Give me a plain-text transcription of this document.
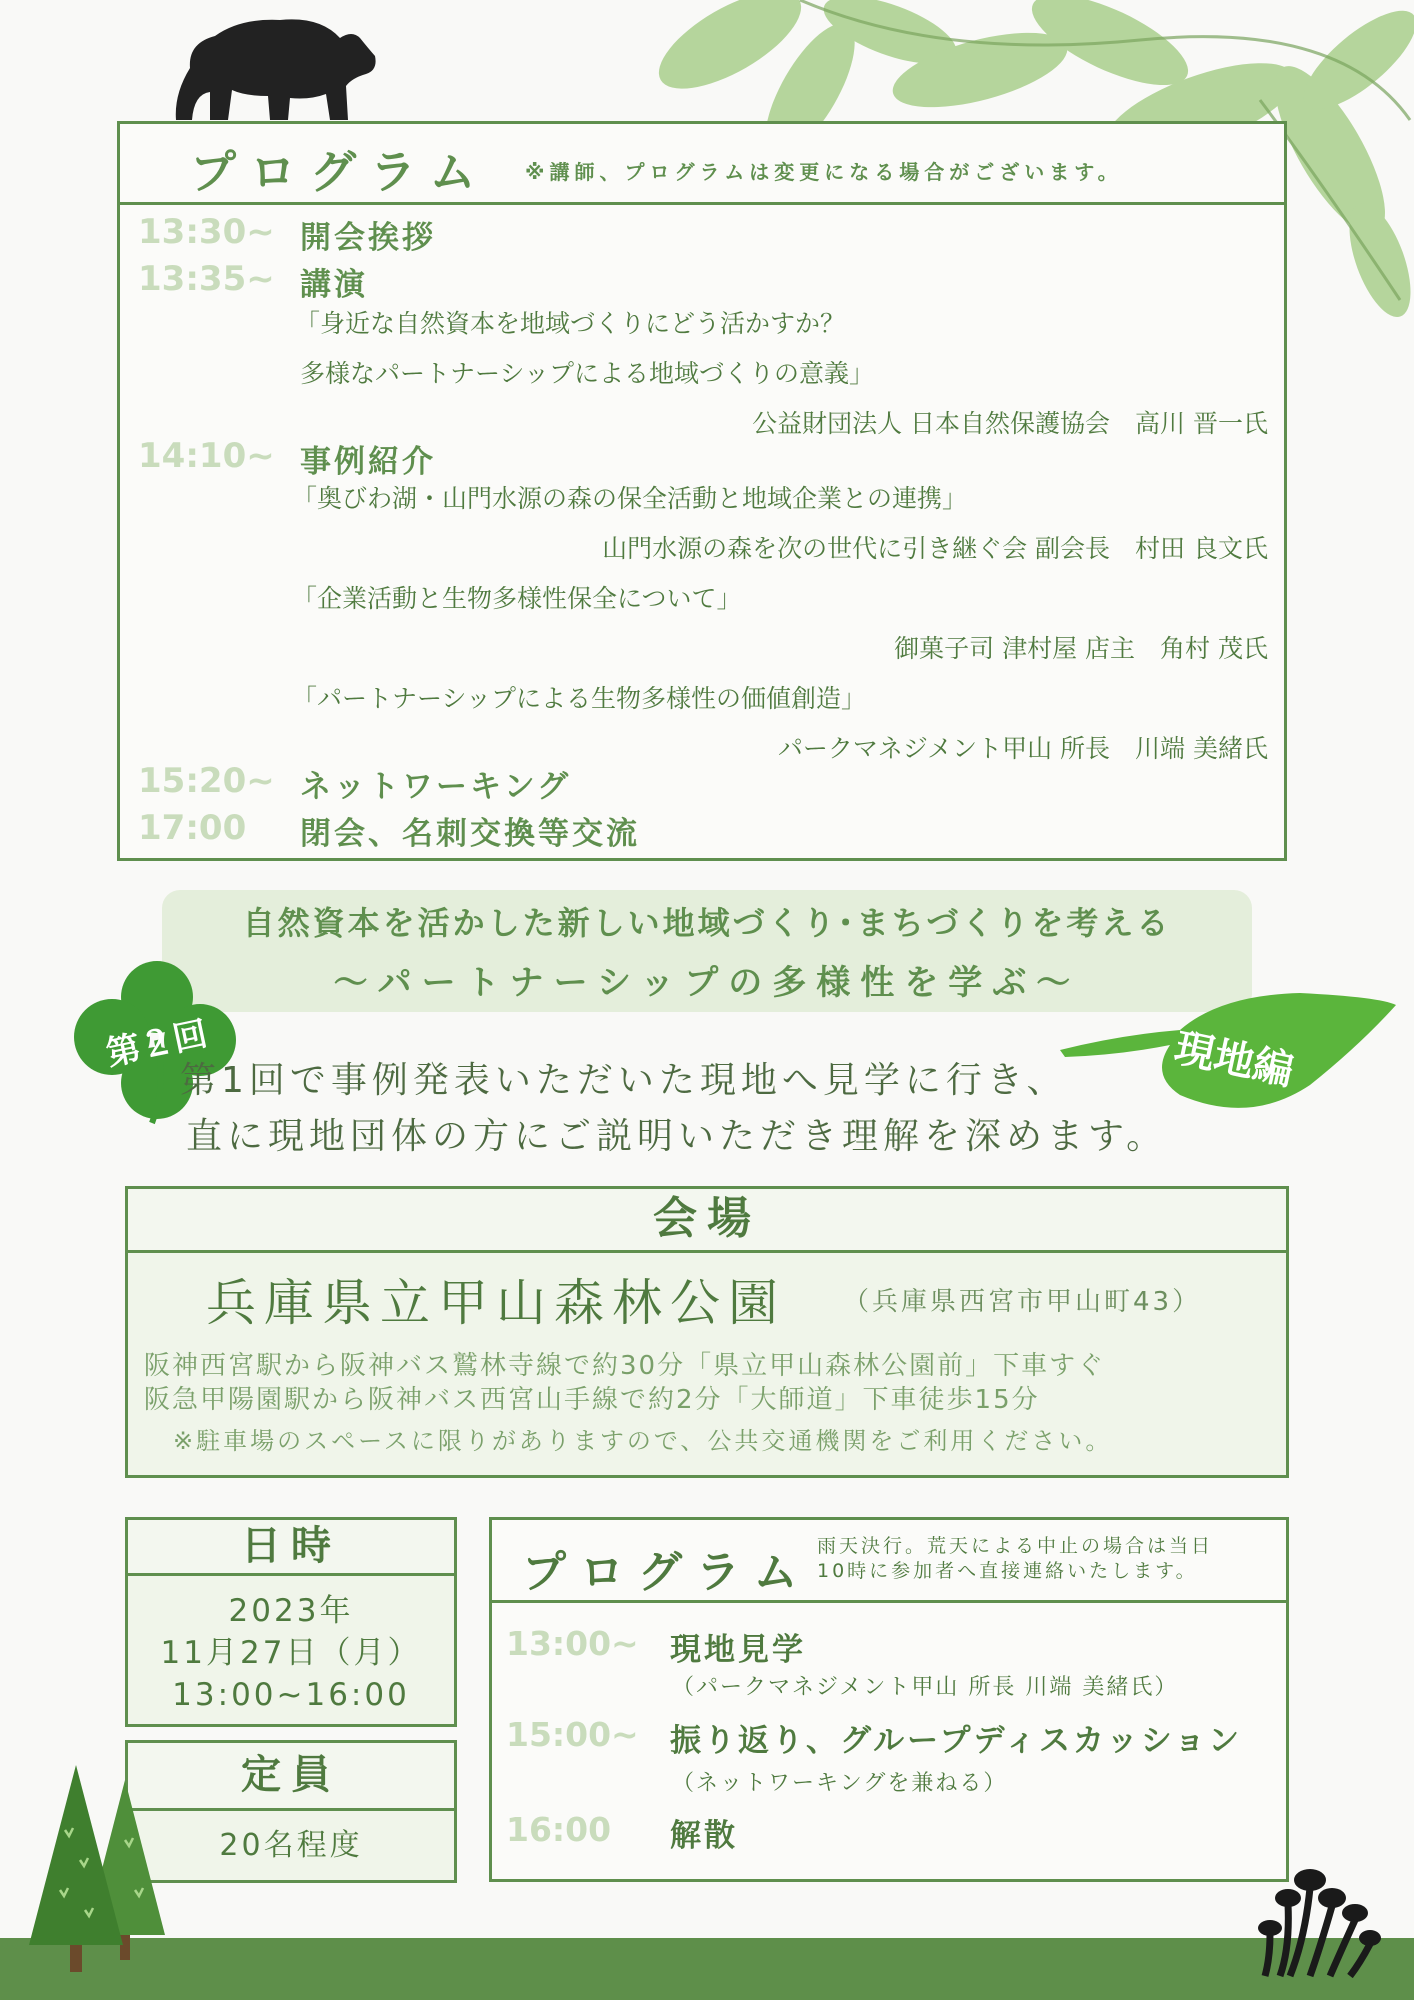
プログラム ※講師、プログラムは変更になる場合がございます。
13:30~ 開会挨拶
13:35~ 講演
「身近な自然資本を地域づくりにどう活かすか？
多様なパートナーシップによる地域づくりの意義」
公益財団法人 日本自然保護協会　高川 晋一氏
14:10~ 事例紹介
「奥びわ湖・山門水源の森の保全活動と地域企業との連携」
山門水源の森を次の世代に引き継ぐ会 副会長　村田 良文氏
「企業活動と生物多様性保全について」
御菓子司 津村屋 店主　角村 茂氏
「パートナーシップによる生物多様性の価値創造」
パークマネジメント甲山 所長　川端 美緒氏
15:20~ ネットワーキング
17:00 閉会、名刺交換等交流
自然資本を活かした新しい地域づくり･まちづくりを考える
～パートナーシップの多様性を学ぶ～
第２回	現地編
第1回で事例発表いただいた現地へ見学に行き、
直に現地団体の方にご説明いただき理解を深めます。
会場
兵庫県立甲山森林公園 （兵庫県西宮市甲山町43）
阪神西宮駅から阪神バス鷲林寺線で約30分「県立甲山森林公園前」下車すぐ
阪急甲陽園駅から阪神バス西宮山手線で約2分「大師道」下車徒歩15分
※駐車場のスペースに限りがありますので、公共交通機関をご利用ください。
日時
2023年
11月27日（月）
13:00~16:00
定員
20名程度
プログラム
雨天決行。荒天による中止の場合は当日
10時に参加者へ直接連絡いたします。
13:00~ 現地見学
（パークマネジメント甲山 所長 川端 美緒氏）
15:00~ 振り返り、グループディスカッション
（ネットワーキングを兼ねる）
16:00 解散
